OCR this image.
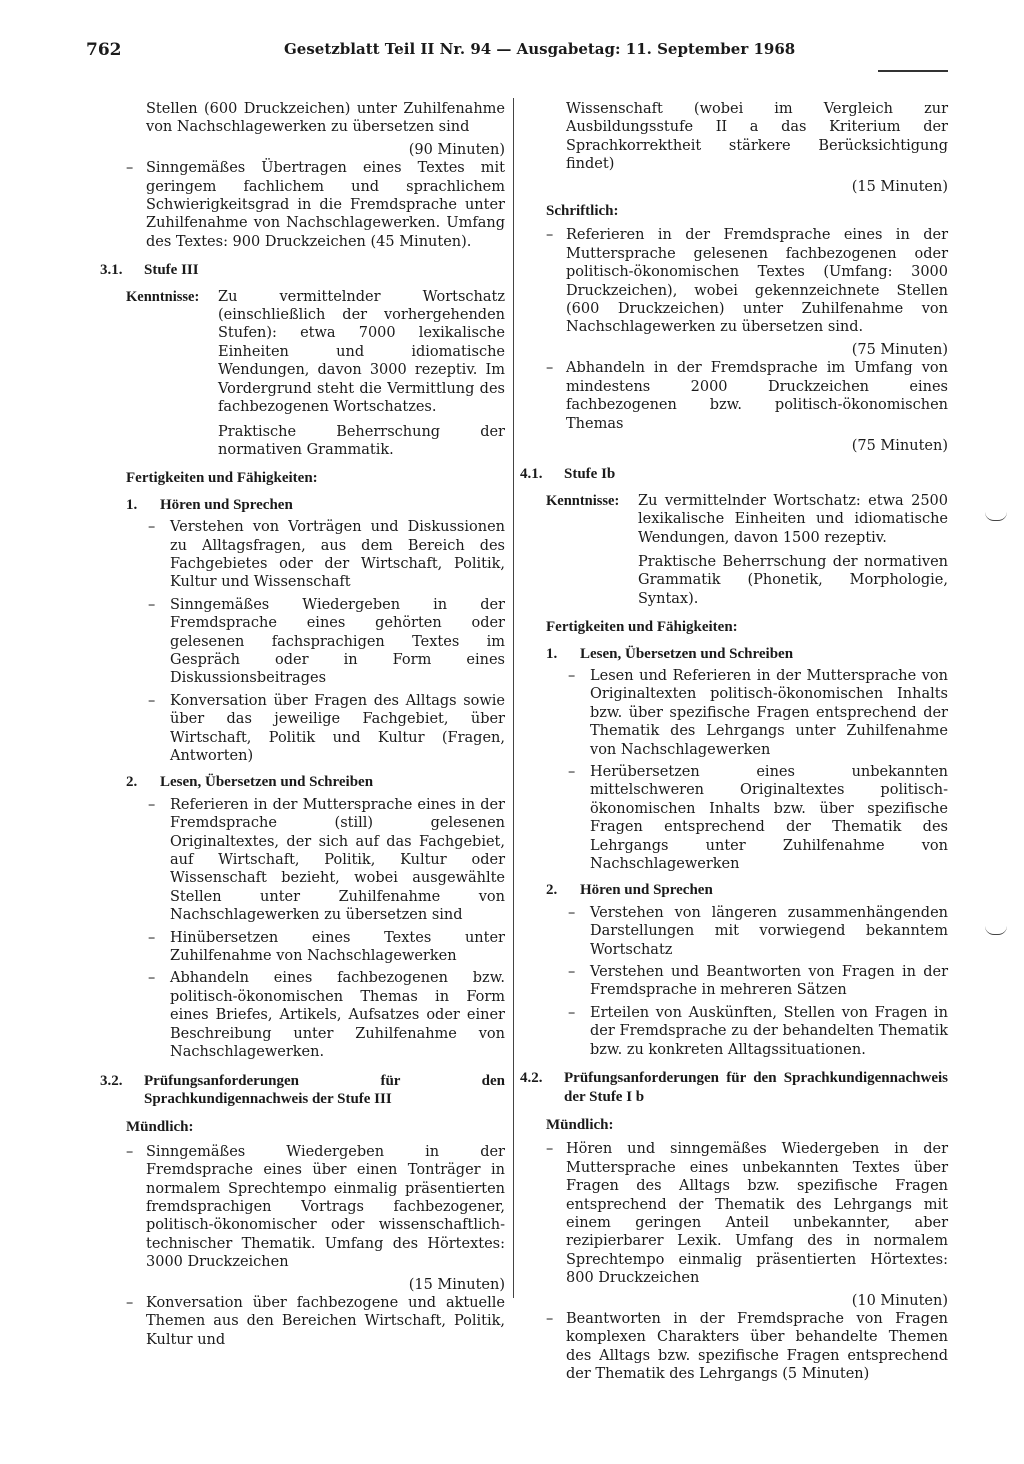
762	Gesetzblatt Teil II Nr. 94 — Ausgabetag: 11. September 1968

Stellen (600 Druckzeichen) unter Zuhilfenahme von Nachschlagewerken zu übersetzen sind

(90 Minuten)

– Sinngemäßes Übertragen eines Textes mit geringem fachlichem und sprachlichem Schwierigkeitsgrad in die Fremdsprache unter Zuhilfenahme von Nachschlagewerken. Umfang des Textes: 900 Druckzeichen (45 Minuten).

3.1. Stufe III

Kenntnisse: Zu vermittelnder Wortschatz (einschließlich der vorhergehenden Stufen): etwa 7000 lexikalische Einheiten und idiomatische Wendungen, davon 3000 rezeptiv. Im Vordergrund steht die Vermittlung des fachbezogenen Wortschatzes.

Praktische Beherrschung der normativen Grammatik.

Fertigkeiten und Fähigkeiten:

1. Hören und Sprechen

– Verstehen von Vorträgen und Diskussionen zu Alltagsfragen, aus dem Bereich des Fachgebietes oder der Wirtschaft, Politik, Kultur und Wissenschaft

– Sinngemäßes Wiedergeben in der Fremdsprache eines gehörten oder gelesenen fachsprachigen Textes im Gespräch oder in Form eines Diskussionsbeitrages

– Konversation über Fragen des Alltags sowie über das jeweilige Fachgebiet, über Wirtschaft, Politik und Kultur (Fragen, Antworten)

2. Lesen, Übersetzen und Schreiben

– Referieren in der Muttersprache eines in der Fremdsprache (still) gelesenen Originaltextes, der sich auf das Fachgebiet, auf Wirtschaft, Politik, Kultur oder Wissenschaft bezieht, wobei ausgewählte Stellen unter Zuhilfenahme von Nachschlagewerken zu übersetzen sind

– Hinübersetzen eines Textes unter Zuhilfenahme von Nachschlagewerken

– Abhandeln eines fachbezogenen bzw. politisch-ökonomischen Themas in Form eines Briefes, Artikels, Aufsatzes oder einer Beschreibung unter Zuhilfenahme von Nachschlagewerken.

3.2. Prüfungsanforderungen für den Sprachkundigennachweis der Stufe III

Mündlich:

– Sinngemäßes Wiedergeben in der Fremdsprache eines über einen Tonträger in normalem Sprechtempo einmalig präsentierten fremdsprachigen Vortrags fachbezogener, politisch-ökonomischer oder wissenschaftlich-technischer Thematik. Umfang des Hörtextes: 3000 Druckzeichen

(15 Minuten)

– Konversation über fachbezogene und aktuelle Themen aus den Bereichen Wirtschaft, Politik, Kultur und

Wissenschaft (wobei im Vergleich zur Ausbildungsstufe II a das Kriterium der Sprachkorrektheit stärkere Berücksichtigung findet)

(15 Minuten)

Schriftlich:

– Referieren in der Fremdsprache eines in der Muttersprache gelesenen fachbezogenen oder politisch-ökonomischen Textes (Umfang: 3000 Druckzeichen), wobei gekennzeichnete Stellen (600 Druckzeichen) unter Zuhilfenahme von Nachschlagewerken zu übersetzen sind.

(75 Minuten)

– Abhandeln in der Fremdsprache im Umfang von mindestens 2000 Druckzeichen eines fachbezogenen bzw. politisch-ökonomischen Themas

(75 Minuten)

4.1. Stufe Ib

Kenntnisse: Zu vermittelnder Wortschatz: etwa 2500 lexikalische Einheiten und idiomatische Wendungen, davon 1500 rezeptiv.

Praktische Beherrschung der normativen Grammatik (Phonetik, Morphologie, Syntax).

Fertigkeiten und Fähigkeiten:

1. Lesen, Übersetzen und Schreiben

– Lesen und Referieren in der Muttersprache von Originaltexten politisch-ökonomischen Inhalts bzw. über spezifische Fragen entsprechend der Thematik des Lehrgangs unter Zuhilfenahme von Nachschlagewerken

– Herübersetzen eines unbekannten mittelschweren Originaltextes politisch-ökonomischen Inhalts bzw. über spezifische Fragen entsprechend der Thematik des Lehrgangs unter Zuhilfenahme von Nachschlagewerken

2. Hören und Sprechen

– Verstehen von längeren zusammenhängenden Darstellungen mit vorwiegend bekanntem Wortschatz

– Verstehen und Beantworten von Fragen in der Fremdsprache in mehreren Sätzen

– Erteilen von Auskünften, Stellen von Fragen in der Fremdsprache zu der behandelten Thematik bzw. zu konkreten Alltagssituationen.

4.2. Prüfungsanforderungen für den Sprachkundigennachweis der Stufe I b

Mündlich:

– Hören und sinngemäßes Wiedergeben in der Muttersprache eines unbekannten Textes über Fragen des Alltags bzw. spezifische Fragen entsprechend der Thematik des Lehrgangs mit einem geringen Anteil unbekannter, aber rezipierbarer Lexik. Umfang des in normalem Sprechtempo einmalig präsentierten Hörtextes: 800 Druckzeichen

(10 Minuten)

– Beantworten in der Fremdsprache von Fragen komplexen Charakters über behandelte Themen des Alltags bzw. spezifische Fragen entsprechend der Thematik des Lehrgangs (5 Minuten)
